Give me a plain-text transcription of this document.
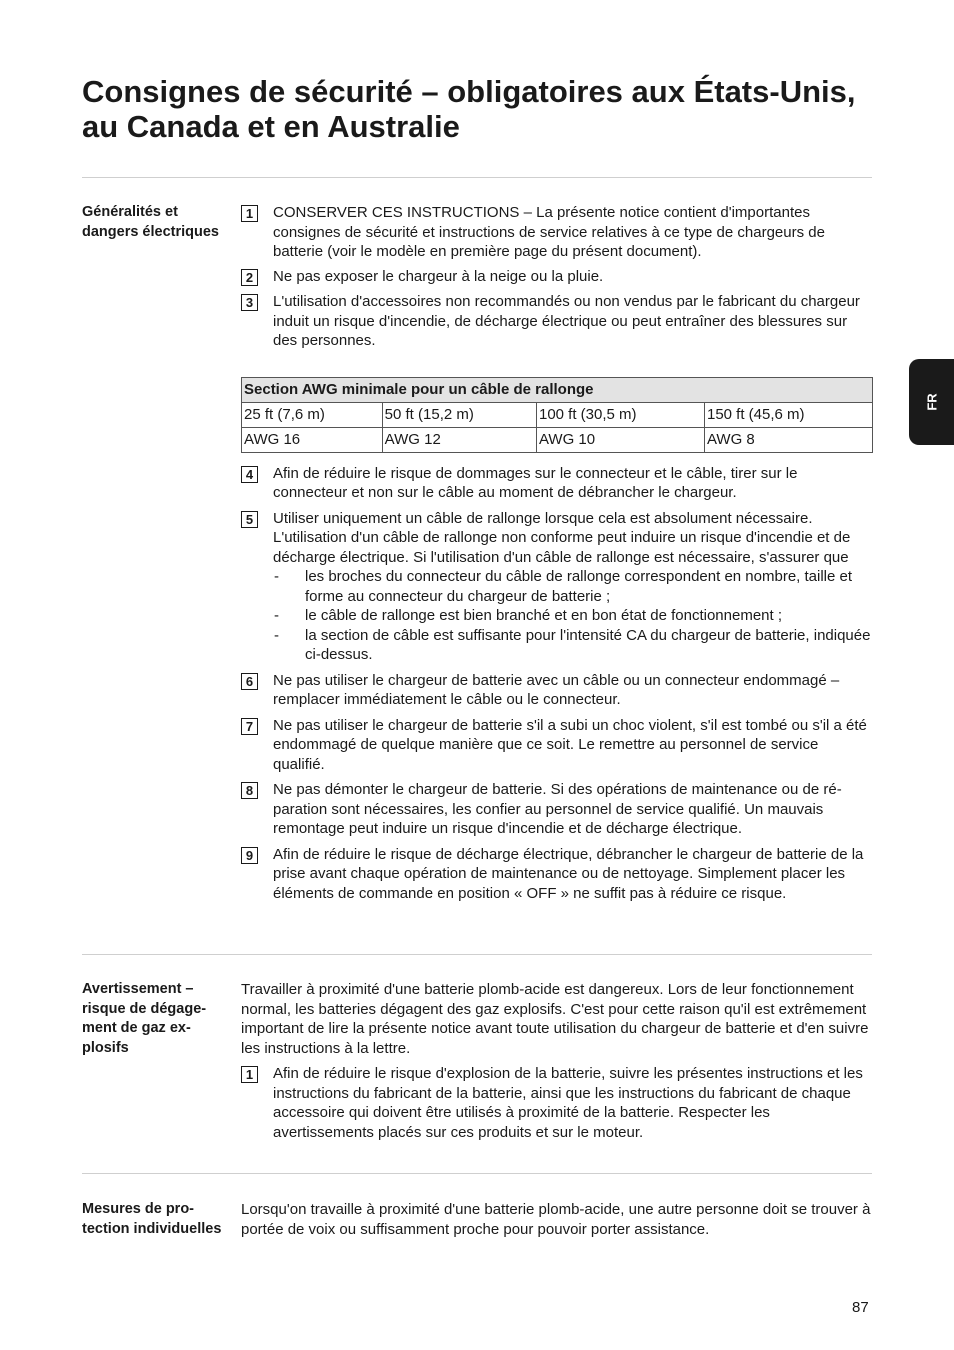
Consignes de sécurité – obligatoires aux États-Unis, au Canada et en Australie
FR
Généralités et dangers électriques
1	CONSERVER CES INSTRUCTIONS – La présente notice contient d'importantes consignes de sécurité et instructions de service relatives à ce type de chargeurs de batterie (voir le modèle en première page du présent document).

2	Ne pas exposer le chargeur à la neige ou la pluie.

3	L'utilisation d'accessoires non recommandés ou non vendus par le fabricant du chargeur induit un risque d'incendie, de décharge électrique ou peut entraîner des blessures sur des personnes.

Section AWG minimale pour un câble de rallonge			
25 ft (7,6 m)	50 ft (15,2 m)	100 ft (30,5 m)	150 ft (45,6 m)
AWG 16	AWG 12	AWG 10	AWG 8
4	Afin de réduire le risque de dommages sur le connecteur et le câble, tirer sur le connecteur et non sur le câble au moment de débrancher le chargeur.

5	Utiliser uniquement un câble de rallonge lorsque cela est absolument nécessaire. L'utilisation d'un câble de rallonge non conforme peut induire un risque d'incendie et de décharge électrique. Si l'utilisation d'un câble de rallonge est nécessaire, s'assurer que

- les broches du connecteur du câble de rallonge correspondent en nombre, taille et forme au connecteur du chargeur de batterie ;
- le câble de rallonge est bien branché et en bon état de fonctionnement ;
- la section de câble est suffisante pour l'intensité CA du chargeur de batterie, indiquée ci-dessus.
6	Ne pas utiliser le chargeur de batterie avec un câble ou un connecteur endommagé – remplacer immédiatement le câble ou le connecteur.

7	Ne pas utiliser le chargeur de batterie s'il a subi un choc violent, s'il est tombé ou s'il a été endommagé de quelque manière que ce soit. Le remettre au personnel de service qualifié.

8	Ne pas démonter le chargeur de batterie. Si des opérations de maintenance ou de réparation sont nécessaires, les confier au personnel de service qualifié. Un mauvais remontage peut induire un risque d'incendie et de décharge électrique.

9	Afin de réduire le risque de décharge électrique, débrancher le chargeur de batterie de la prise avant chaque opération de maintenance ou de nettoyage. Simplement placer les éléments de commande en position « OFF » ne suffit pas à réduire ce risque.

Avertissement – risque de dégagement de gaz explosifs

Travailler à proximité d'une batterie plomb-acide est dangereux. Lors de leur fonctionnement normal, les batteries dégagent des gaz explosifs. C'est pour cette raison qu'il est extrêmement important de lire la présente notice avant toute utilisation du chargeur de batterie et d'en suivre les instructions à la lettre.

1	Afin de réduire le risque d'explosion de la batterie, suivre les présentes instructions et les instructions du fabricant de la batterie, ainsi que les instructions du fabricant de chaque accessoire qui doivent être utilisés à proximité de la batterie. Respecter les avertissements placés sur ces produits et sur le moteur.

Mesures de protection individuelles

Lorsqu'on travaille à proximité d'une batterie plomb-acide, une autre personne doit se trouver à portée de voix ou suffisamment proche pour pouvoir porter assistance.

87
